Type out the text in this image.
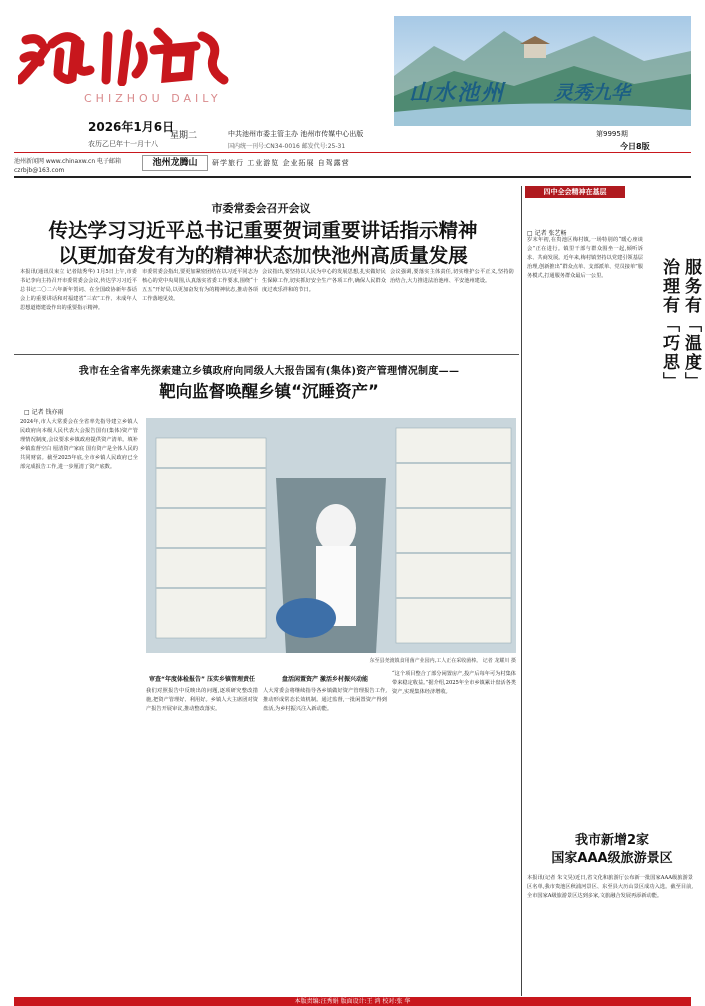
CHIZHOU DAILY	山水池州	灵秀九华
2026年1月6日
星期二
农历乙巳年十一月十八
中共池州市委主管主办 池州市传媒中心出版
国内统一刊号:CN34-0016 邮发代号:25-31
第9995期
今日8版
池州新闻网 www.chinaxw.cn 电子邮箱 czrbjb@163.com
池州龙腾山	研学旅行 工业游览 企业拓展 自驾露营
市委常委会召开会议
传达学习习近平总书记重要贺词重要讲话指示精神
以更加奋发有为的精神状态加快池州高质量发展
本报讯(通讯员束立 记者陆秀华) 1月5日上午,市委书记李向主持召开市委常委会会议,传达学习习近平总书记二〇二六年新年贺词、在全国政协新年茶话会上的重要讲话和对福建省“三农”工作、未成年人思想道德建设作出的重要指示精神。
市委常委会指出,要更加紧密团结在以习近平同志为核心的党中央周围,认真落实省委工作要求,围绕“十五五”开好局,以更加奋发有为的精神状态,推动各项工作落地见效。
会议指出,要坚持以人民为中心的发展思想,扎实做好民生保障工作,切实抓好安全生产各项工作,确保人民群众度过欢乐祥和的节日。
会议强调,要落实主体责任,切实维护公平正义,坚持防治结合,大力推进法治池州、平安池州建设。
我市在全省率先探索建立乡镇政府向同级人大报告国有(集体)资产管理情况制度——
靶向监督唤醒乡镇“沉睡资产”
□ 记者 钱亦雨
2024年,市人大常委会在全省率先指导建立乡镇人民政府向本级人民代表大会报告国有(集体)资产管理情况制度,会议要求乡镇政府提供资产清单。填补乡镇监督空白 厘清资产家底 国有资产是全体人民的共同财富。截至2025年底,全市乡镇人民政府已全部完成报告工作,进一步厘清了资产底数。
东至县尧渡镇食用菌产业园内,工人正在采收菌棒。 记者 龙耀川 摄
审查“年度体检报告” 压实乡镇管理责任
我们对照报告中反映出的问题,逐项研究整改措施,把资产管理好、利用好。乡镇人大主席团对资产报告开展审议,推动整改落实。
盘活闲置资产 激活乡村振兴动能
人大常委会将继续指导各乡镇做好资产管理报告工作,推动形成常态长效机制。通过监督,一批闲置资产得到盘活,为乡村振兴注入新动能。
“这个项目整合了部分闲置房产,投产后每年可为村集体带来稳定收益。”据介绍,2025年全市乡镇累计盘活各类资产,实现集体经济增收。
四中全会精神在基层
□ 记者 张艺畅
岁末年初,在贵池区梅村镇,一场特别的“暖心座谈会”正在进行。镇里干部与群众围坐一起,倾听诉求、共商发展。近年来,梅村镇坚持以党建引领基层治理,创新推出“群众点单、支部派单、党员接单”服务模式,打通服务群众最后一公里。	治理有「巧思」 服务有「温度」
我市新增2家
国家AAA级旅游景区
本报讯(记者 朱文昊)近日,省文化和旅游厅公布新一批国家AAA级旅游景区名单,我市贵池区秋浦河景区、东至县大历山景区成功入选。截至目前,全市国家A级旅游景区达到多家,文旅融合发展再添新动能。
本版责编:汪秀娟 版面设计:王 鸿 校对:张 华
